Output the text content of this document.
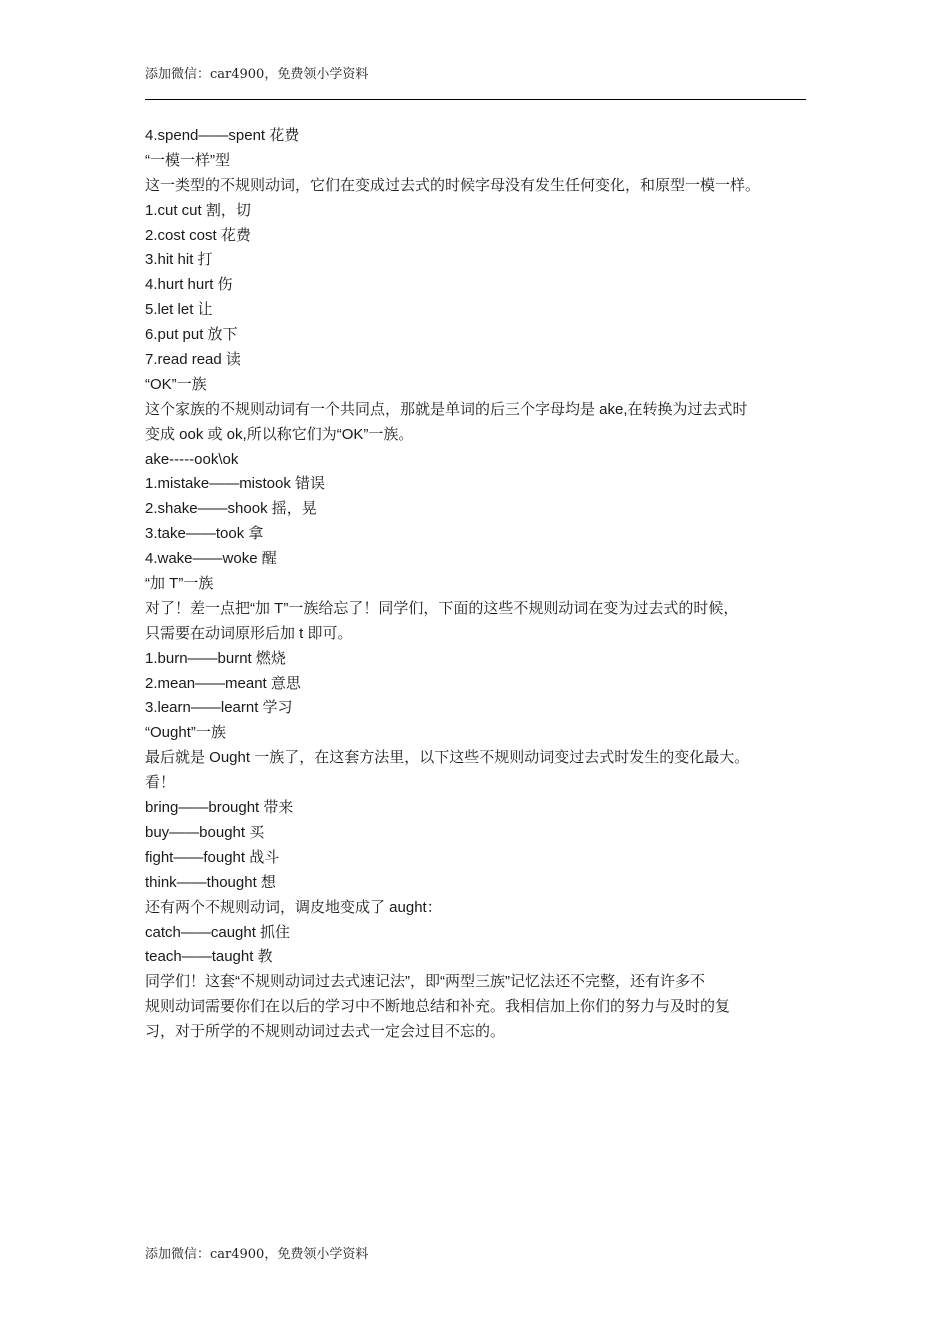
添加微信：car4900，免费领小学资料
4.spend——spent 花费
“一模一样”型
这一类型的不规则动词，它们在变成过去式的时候字母没有发生任何变化，和原型一模一样。
1.cut cut 割，切
2.cost cost 花费
3.hit hit 打
4.hurt hurt 伤
5.let let 让
6.put put 放下
7.read read 读
“OK”一族
这个家族的不规则动词有一个共同点，那就是单词的后三个字母均是 ake,在转换为过去式时
变成 ook 或 ok,所以称它们为“OK”一族。
ake-----ook\ok
1.mistake——mistook 错误
2.shake——shook 摇，晃
3.take——took 拿
4.wake——woke 醒
“加 T”一族
对了！差一点把“加 T”一族给忘了！同学们，下面的这些不规则动词在变为过去式的时候，
只需要在动词原形后加 t 即可。
1.burn——burnt 燃烧
2.mean——meant 意思
3.learn——learnt 学习
“Ought”一族
最后就是 Ought 一族了，在这套方法里，以下这些不规则动词变过去式时发生的变化最大。
看！
bring——brought 带来
buy——bought 买
fight——fought 战斗
think——thought 想
还有两个不规则动词，调皮地变成了 aught：
catch——caught 抓住
teach——taught 教
同学们！这套“不规则动词过去式速记法”，即“两型三族”记忆法还不完整，还有许多不
规则动词需要你们在以后的学习中不断地总结和补充。我相信加上你们的努力与及时的复
习，对于所学的不规则动词过去式一定会过目不忘的。
添加微信：car4900，免费领小学资料
